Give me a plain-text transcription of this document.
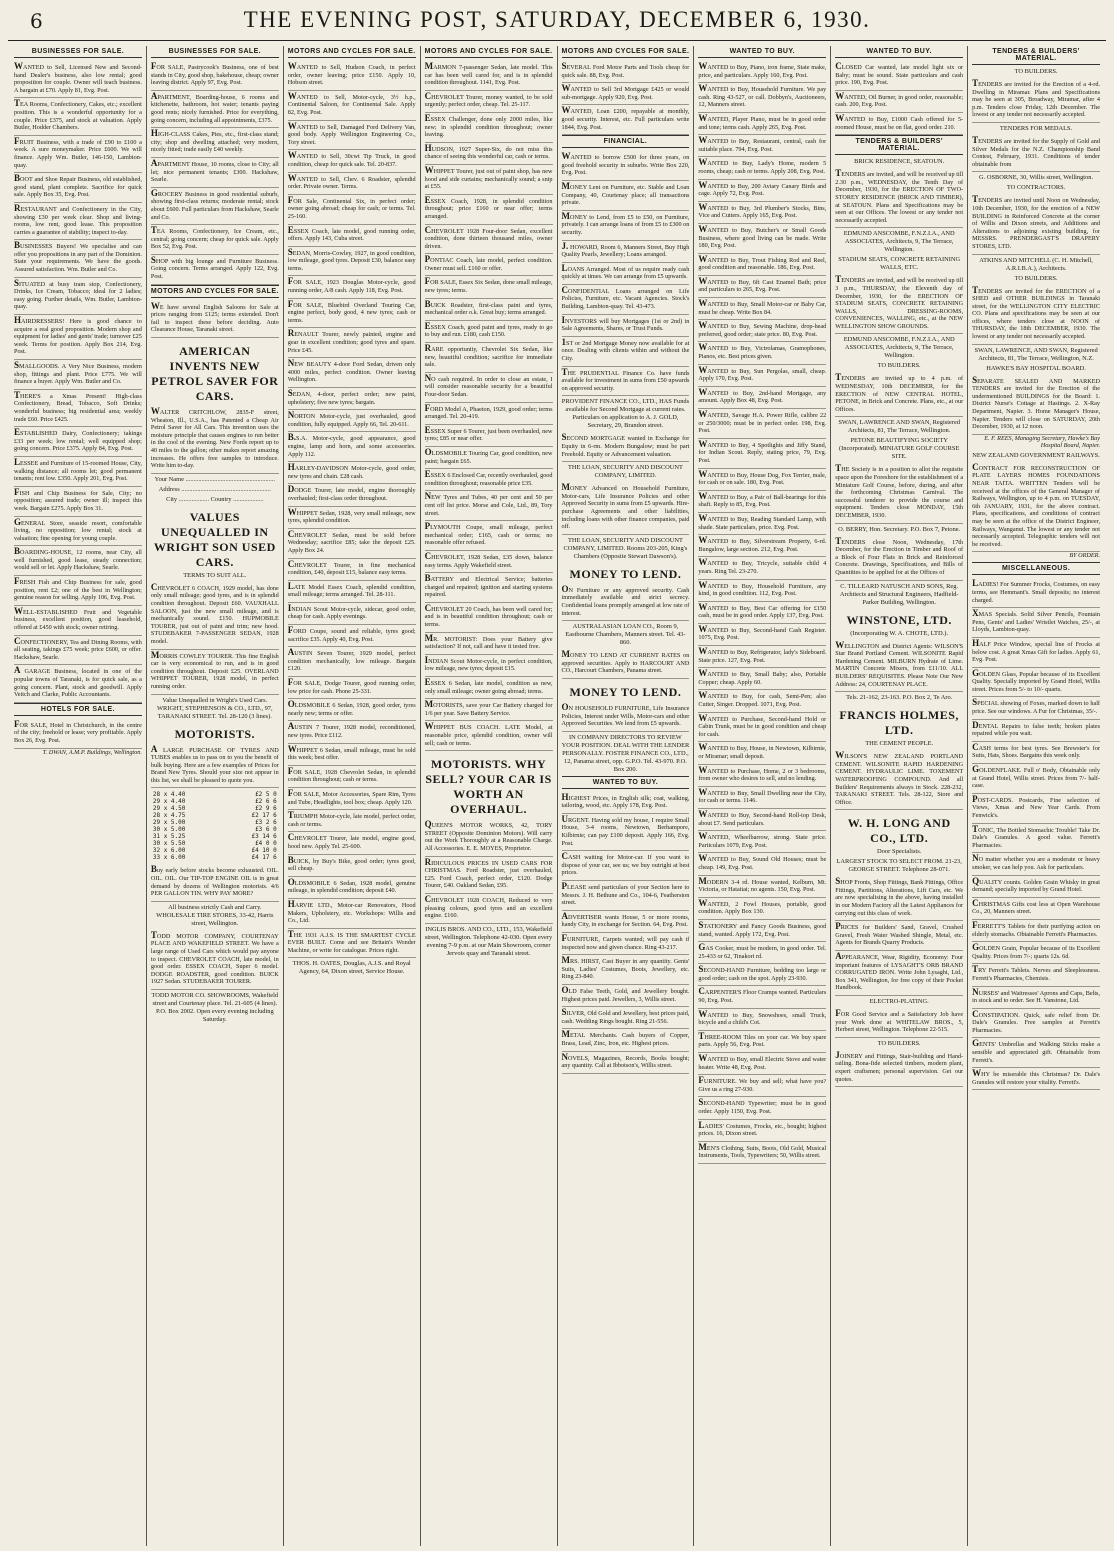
6	THE EVENING POST, SATURDAY, DECEMBER 6, 1930.
BUSINESSES FOR SALE.
WANTED to Sell, Licensed New and Second-hand Dealer's business, also low rental; good proposition for couple. Owner will teach business. A bargain at £70. Apply 81, Evg. Post.
TEA Rooms, Confectionery, Cakes, etc.; excellent position. This is a wonderful opportunity for a couple. Price £375, and stock at valuation. Apply Butler, Hodder Chambers.
FRUIT Business, with a trade of £90 to £100 a week. A sure moneymaker. Price £600. We will finance. Apply Wm. Butler, 146-150, Lambton-quay.
BOOT and Shoe Repair Business, old established, good stand, plant complete. Sacrifice for quick sale. Apply Box 35, Evg. Post.
RESTAURANT and Confectionery in the City, showing £30 per week clear. Shop and living-rooms, low rent, good lease. This proposition carries a guarantee of stability; inspect to-day.
BUSINESSES Buyers! We specialise and can offer you propositions in any part of the Dominion. State your requirements. We have the goods. Assured satisfaction. Wm. Butler and Co.
SITUATED at busy tram stop, Confectionery, Drinks, Ice Cream, Tobacco; ideal for 2 ladies; easy going. Further details, Wm. Butler, Lambton-quay.
HAIRDRESSERS! Here is good chance to acquire a real good proposition. Modern shop and equipment for ladies' and gents' trade; turnover £25 week. Terms for position. Apply Box 214, Evg. Post.
SMALLGOODS. A Very Nice Business, modern shop, fittings and plant. Price £775. We will finance a buyer. Apply Wm. Butler and Co.
THERE'S a Xmas Present! High-class Confectionery, Bread, Tobacco, Soft Drinks; wonderful business; big residential area; weekly trade £60. Price £425.
ESTABLISHED Dairy, Confectionery; takings £33 per week; low rental; well equipped shop; going concern. Price £375. Apply 84, Evg. Post.
LESSEE and Furniture of 15-roomed House, City, walking distance; all rooms let; good permanent tenants; rent low. £350. Apply 201, Evg. Post.
FISH and Chip Business for Sale, City; no opposition; assured trade; owner ill; inspect this week. Bargain £275. Apply Box 31.
GENERAL Store, seaside resort, comfortable living, no opposition; low rental; stock at valuation; fine opening for young couple.
BOARDING-HOUSE, 12 rooms, near City, all well furnished, good lease, steady connection; would sell or let. Apply Hackshaw, Searle.
FRESH Fish and Chip Business for sale, good position, rent £2; one of the best in Wellington; genuine reason for selling. Apply 106, Evg. Post.
WELL-ESTABLISHED Fruit and Vegetable business, excellent position, good leasehold, offered at £450 with stock; owner retiring.
CONFECTIONERY, Tea and Dining Rooms, with all seating, takings £75 week; price £600, or offer. Hackshaw, Searle.
A GARAGE Business, located in one of the popular towns of Taranaki, is for quick sale, as a going concern. Plant, stock and goodwill. Apply Veitch and Clarke, Public Accountants.
HOTELS FOR SALE.
FOR SALE, Hotel in Christchurch, in the centre of the city; freehold or lease; very profitable. Apply Box 26, Evg. Post.
T. DWAN, A.M.P. Buildings, Wellington.
BUSINESSES FOR SALE.
FOR SALE, Pastrycook's Business, one of best stands in City, good shop, bakehouse, cheap; owner leaving district. Apply 97, Evg. Post.
APARTMENT, Boarding-house, 6 rooms and kitchenette, bathroom, hot water; tenants paying good rents; nicely furnished. Price for everything, going concern, including all appointments, £375.
HIGH-CLASS Cakes, Pies, etc., first-class stand; city; shop and dwelling attached; very modern, nicely fitted; trade easily £40 weekly.
APARTMENT House, 10 rooms, close to City; all let; nice permanent tenants; £300. Hackshaw, Searle.
GROCERY Business in good residential suburb, showing first-class returns; moderate rental; stock about £600. Full particulars from Hackshaw, Searle and Co.
TEA Rooms, Confectionery, Ice Cream, etc., central; going concern; cheap for quick sale. Apply Box 52, Evg. Post.
SHOP with big lounge and Furniture Business. Going concern. Terms arranged. Apply 122, Evg. Post.
MOTORS AND CYCLES FOR SALE.
WE have several English Saloons for Sale at prices ranging from £125; terms extended. Don't fail to inspect these before deciding. Auto Clearance House, Taranaki street.
AMERICAN INVENTS NEW PETROL SAVER FOR CARS.
WALTER CRITCHLOW, 2835-F street, Wheaton, Ill., U.S.A., has Patented a Cheap Air Petrol Saver for All Cars. This invention uses the moisture principle that causes engines to run better in the cool of the evening. New Fords report up to 40 miles to the gallon; other makes report amazing increases. He offers free samples to introduce. Write him to-day.
Your Name ........................................................
Address ........................................................
City ................... Country ...................
VALUES UNEQUALLED IN WRIGHT SON USED CARS.
TERMS TO SUIT ALL.
CHEVROLET 6 COACH, 1929 model, has done only small mileage; good tyres, and is in splendid condition throughout. Deposit £60. VAUXHALL SALOON, just the new small mileage, and is mechanically sound. £150. HUPMOBILE TOURER, just out of paint and trim; new hood. STUDEBAKER 7-PASSENGER SEDAN, 1928 model.
MORRIS COWLEY TOURER. This fine English car is very economical to run, and is in good condition throughout. Deposit £25. OVERLAND WHIPPET TOURER, 1928 model, in perfect running order.
Value Unequalled in Wright's Used Cars. WRIGHT, STEPHENSON & CO., LTD., 97, TARANAKI STREET. Tel. 28-120 (3 lines).
MOTORISTS.
A LARGE PURCHASE OF TYRES AND TUBES enables us to pass on to you the benefit of bulk buying. Here are a few examples of Prices for Brand New Tyres. Should your size not appear in this list, we shall be pleased to quote you.
28 x 4.40	£2 5 0
29 x 4.40	£2 6 6
29 x 4.50	£2 9 6
28 x 4.75	£2 17 6
29 x 5.00	£3 2 6
30 x 5.00	£3 6 0
31 x 5.25	£3 14 6
30 x 5.50	£4 0 0
32 x 6.00	£4 10 0
33 x 6.00	£4 17 6
Buy early before stocks become exhausted. OIL. OIL. OIL. Our TIP-TOP ENGINE OIL is in great demand by dozens of Wellington motorists. 4/6 PER GALLON TIN. WHY PAY MORE?
All business strictly Cash and Carry. WHOLESALE TIRE STORES, 33-42, Harris street, Wellington.
TODD MOTOR COMPANY, COURTENAY PLACE AND WAKEFIELD STREET. We have a large range of Used Cars which would pay anyone to inspect. CHEVROLET COACH, late model, in good order. ESSEX COACH, Super 6 model. DODGE ROADSTER, good condition. BUICK 1927 Sedan. STUDEBAKER TOURER.
TODD MOTOR CO. SHOWROOMS, Wakefield street and Courtenay place. Tel. 21-605 (4 lines). P.O. Box 2002. Open every evening including Saturday.
MOTORS AND CYCLES FOR SALE.
WANTED to Sell, Hudson Coach, in perfect order, owner leaving; price £150. Apply 10, Hobson street.
WANTED to Sell, Motor-cycle, 3½ h.p., Continental Saloon, for Continental Sale. Apply 82, Evg. Post.
WANTED to Sell, Damaged Ford Delivery Van, good body. Apply Wellington Engineering Co., Tory street.
WANTED to Sell, 30cwt Tip Truck, in good condition, cheap for quick sale. Tel. 20-837.
WANTED to Sell, Chev. 6 Roadster, splendid order. Private owner. Terms.
FOR Sale, Continental Six, in perfect order; owner going abroad; cheap for cash; or terms. Tel. 25-160.
ESSEX Coach, late model, good running order, offers. Apply 143, Cuba street.
SEDAN, Morris-Cowley, 1927, in good condition, low mileage, good tyres. Deposit £30, balance easy terms.
FOR SALE, 1923 Douglas Motor-cycle, good running order, A/8 cash. Apply 118, Evg. Post.
FOR SALE, Bluebird Overland Touring Car, engine perfect, body good, 4 new tyres; cash or terms.
RENAULT Tourer, newly painted, engine and gear in excellent condition; good tyres and spare. Price £45.
NEW BEAUTY 4-door Ford Sedan, driven only 4000 miles, perfect condition. Owner leaving Wellington.
SEDAN, 4-door, perfect order; new paint, upholstery; five new tyres; bargain.
NORTON Motor-cycle, just overhauled, good condition, fully equipped. Apply 66, Tel. 20-611.
B.S.A. Motor-cycle, good appearance, good engine, lamp and horn, and some accessories. Apply 112.
HARLEY-DAVIDSON Motor-cycle, good order, new tyres and chain. £28 cash.
DODGE Tourer, late model, engine thoroughly overhauled; first-class order throughout.
WHIPPET Sedan, 1928, very small mileage, new tyres, splendid condition.
CHEVROLET Sedan, must be sold before Wednesday; sacrifice £85; take the deposit £25. Apply Box 24.
CHEVROLET Tourer, in fine mechanical condition, £40, deposit £15, balance easy terms.
LATE Model Essex Coach, splendid condition, small mileage; terms arranged. Tel. 28-111.
INDIAN Scout Motor-cycle, sidecar, good order, cheap for cash. Apply evenings.
FORD Coupe, sound and reliable, tyres good; sacrifice £35. Apply 40, Evg. Post.
AUSTIN Seven Tourer, 1929 model, perfect condition mechanically, low mileage. Bargain £120.
FOR SALE, Dodge Tourer, good running order, low price for cash. Phone 25-331.
OLDSMOBILE 6 Sedan, 1928, good order, tyres nearly new; terms or offer.
AUSTIN 7 Tourer, 1928 model, reconditioned, new tyres. Price £112.
WHIPPET 6 Sedan, small mileage, must be sold this week; best offer.
FOR SALE, 1928 Chevrolet Sedan, in splendid condition throughout; cash or terms.
FOR SALE, Motor Accessories, Spare Rim, Tyres and Tube, Headlights, tool box; cheap. Apply 120.
TRIUMPH Motor-cycle, late model, perfect order, cash or terms.
CHEVROLET Tourer, late model, engine good, hood new. Apply Tel. 25-600.
BUICK, by Buy's Bike, good order; tyres good, sell cheap.
OLDSMOBILE 6 Sedan, 1928 model, genuine mileage, in splendid condition; deposit £40.
HARVIE LTD., Motor-car Renovators, Hood Makers, Upholstery, etc. Workshops: Willis and Co., Ltd.
THE 1931 A.J.S. IS THE SMARTEST CYCLE EVER BUILT. Come and see Britain's Wonder Machine, or write for catalogue. Prices right.
THOS. H. OATES, Douglas, A.J.S. and Royal Agency, 64, Dixon street, Service House.
MOTORS AND CYCLES FOR SALE.
MARMON 7-passenger Sedan, late model. This car has been well cared for, and is in splendid condition throughout. 1141, Evg. Post.
CHEVROLET Tourer, money wanted, to be sold urgently; perfect order, cheap. Tel. 25-117.
ESSEX Challenger, done only 2000 miles, like new; in splendid condition throughout; owner leaving.
HUDSON, 1927 Super-Six, do not miss this chance of seeing this wonderful car, cash or terms.
WHIPPET Tourer, just out of paint shop, has new hood and side curtains; mechanically sound; a snip at £55.
ESSEX Coach, 1928, in splendid condition throughout; price £160 or near offer; terms arranged.
CHEVROLET 1928 Four-door Sedan, excellent condition, done thirteen thousand miles, owner driven.
PONTIAC Coach, late model, perfect condition. Owner must sell. £160 or offer.
FOR SALE, Essex Six Sedan, done small mileage, new tyres; terms.
BUICK Roadster, first-class paint and tyres, mechanical order o.k. Great buy; terms arranged.
ESSEX Coach, good paint and tyres, ready to go to buy and run. £180, cash £150.
RARE opportunity, Chevrolet Six Sedan, like new, beautiful condition; sacrifice for immediate sale.
NO cash required. In order to close an estate, I will consider reasonable security for a beautiful Four-door Sedan.
FORD Model A, Phaeton, 1929, good order; terms arranged. Tel. 20-419.
ESSEX Super 6 Tourer, just been overhauled, new tyres; £85 or near offer.
OLDSMOBILE Touring Car, good condition, new paint; bargain £65.
ESSEX 6 Enclosed Car, recently overhauled, good condition throughout; reasonable price £35.
NEW Tyres and Tubes, 40 per cent and 50 per cent off list price. Morse and Cole, Ltd., 89, Tory street.
PLYMOUTH Coupe, small mileage, perfect mechanical order; £165, cash or terms; no reasonable offer refused.
CHEVROLET, 1928 Sedan, £35 down, balance easy terms. Apply Wakefield street.
BATTERY and Electrical Service; batteries charged and repaired; ignition and starting systems repaired.
CHEVROLET 20 Coach, has been well cared for; and is in beautiful condition throughout; cash or terms.
MR. MOTORIST: Does your Battery give satisfaction? If not, call and have it tested free.
INDIAN Scout Motor-cycle, in perfect condition, low mileage, new tyres; deposit £15.
ESSEX 6 Sedan, late model, condition as new, only small mileage; owner going abroad; terms.
MOTORISTS, save your Car Battery charged for 1/6 per year. Save Battery Service.
WHIPPET BUS COACH. LATE Model, at reasonable price, splendid condition, owner will sell; cash or terms.
MOTORISTS. WHY SELL? YOUR CAR IS WORTH AN OVERHAUL.
QUEEN'S MOTOR WORKS, 42, TORY STREET (Opposite Dominion Motors). Will carry out the Work Thoroughly at a Reasonable Charge. All Accessories. E. E. MOYES, Proprietor.
RIDICULOUS PRICES IN USED CARS FOR CHRISTMAS. Ford Roadster, just overhauled, £25. Ford Coach, perfect order, £120. Dodge Tourer, £40. Oakland Sedan, £95.
CHEVROLET 1928 COACH, Reduced to very pleasing colours, good tyres and an excellent engine. £160.
INGLIS BROS. AND CO., LTD., 153, Wakefield street, Wellington. Telephone 42-030. Open every evening 7-9 p.m. at our Main Showroom, corner Jervois quay and Taranaki street.
MOTORS AND CYCLES FOR SALE.
SEVERAL Ford Motor Parts and Tools cheap for quick sale. 88, Evg. Post.
WANTED to Sell 3rd Mortgage £425 or would sub-mortgage. Apply 920, Evg. Post.
WANTED, Loan £200, repayable at monthly, good security. Interest, etc. Full particulars write 1844, Evg. Post.
FINANCIAL.
WANTED to borrow £500 for three years, on good freehold security in suburbs. Write Box 220, Evg. Post.
MONEY Lent on Furniture, etc. Stable and Loan Company, 40, Courtenay place; all transactions private.
MONEY to Lend, from £5 to £50, on Furniture, privately. I can arrange loans of from £5 to £300 on security.
J. HOWARD, Room 6, Manners Street, Buy High Quality Pearls, Jewellery; Loans arranged.
LOANS Arranged. Most of us require ready cash quickly at times. We can arrange from £5 upwards.
CONFIDENTIAL Loans arranged on Life Policies, Furniture, etc. Vacant Agencies. Stock's Building, Lambton-quay. Tel. 43-473.
INVESTORS will buy Mortgages (1st or 2nd) in Sale Agreements, Shares, or Trust Funds.
1ST or 2nd Mortgage Money now available for at once. Dealing with clients within and without the City.
THE PRUDENTIAL Finance Co. have funds available for investment in sums from £50 upwards on approved security.
PROVIDENT FINANCE CO., LTD., HAS Funds available for Second Mortgage at current rates. Particulars on application to A. J. GOLD, Secretary, 29, Brandon street.
SECOND MORTGAGE wanted in Exchange for Equity in 6-rm. Modern Bungalow; must be part Freehold. Equity or Advancement valuation.
THE LOAN, SECURITY AND DISCOUNT COMPANY, LIMITED.
MONEY Advanced on Household Furniture, Motor-cars, Life Insurance Policies and other Approved Security in sums from £5 upwards. Hire-purchase Agreements and other liabilities, including loans with other finance companies, paid off.
THE LOAN, SECURITY AND DISCOUNT COMPANY, LIMITED. Rooms 203-205, King's Chambers (Opposite Stewart Dawson's).
MONEY TO LEND.
ON Furniture or any approved security. Cash immediately available and strict secrecy. Confidential loans promptly arranged at low rate of interest.
AUSTRALASIAN LOAN CO., Room 9, Eastbourne Chambers, Manners street. Tel. 43-860.
MONEY TO LEND AT CURRENT RATES on approved securities. Apply to HARCOURT AND CO., Harcourt Chambers, Panama street.
MONEY TO LEND.
ON HOUSEHOLD FURNITURE, Life Insurance Policies, Interest under Wills, Motor-cars and other Approved Securities. We lend from £5 upwards.
IN COMPANY DIRECTORS TO REVIEW YOUR POSITION. DEAL WITH THE LENDER PERSONALLY. FOSTER FINANCE CO., LTD., 12, Panama street, opp. G.P.O. Tel. 43-970. P.O. Box 200.
WANTED TO BUY.
HIGHEST Prices, in English silk; coat, walking, tailoring, wood, etc. Apply 178, Evg. Post.
URGENT. Having sold my house, I require Small House, 3-4 rooms, Newtown, Berhampore, Kilbirnie; can pay £100 deposit. Apply 166, Evg. Post.
CASH waiting for Motor-car. If you want to dispose of your car, see us; we buy outright at best prices.
PLEASE send particulars of your Section here to Messrs. J. H. Bethune and Co., 104-6, Featherston street.
ADVERTISER wants House, 5 or more rooms, handy City, in exchange for Section. 64, Evg. Post.
FURNITURE, Carpets wanted; will pay cash if inspected now and given chance. Ring 43-217.
MRS. HIRST, Cast Buyer in any quantity. Gents' Suits, Ladies' Costumes, Boots, Jewellery, etc. Ring 23-840.
OLD False Teeth, Gold, and Jewellery bought. Highest prices paid. Jewellers, 3, Willis street.
SILVER, Old Gold and Jewellery, best prices paid, cash. Wedding Rings bought. Ring 21-556.
METAL Merchants. Cash buyers of Copper, Brass, Lead, Zinc, Iron, etc. Highest prices.
NOVELS, Magazines, Records, Books bought; any quantity. Call at Ibbotson's, Willis street.
WANTED TO BUY.
WANTED to Buy, Piano, iron frame, State make, price, and particulars. Apply 160, Evg. Post.
WANTED to Buy, Household Furniture. We pay cash. Ring 43-527, or call. Dobbyn's, Auctioneers, 12, Manners street.
WANTED, Player Piano, must be in good order and tone; terms cash. Apply 265, Evg. Post.
WANTED to Buy, Restaurant, central, cash for suitable place. 794, Evg. Post.
WANTED to Buy, Lady's Home, modern 5 rooms, cheap; cash or terms. Apply 208, Evg. Post.
WANTED to Buy, 200 Aviary Canary Birds and cage. Apply 72, Evg. Post.
WANTED to Buy, 3rd Plumber's Stocks, Bins, Vice and Cutters. Apply 165, Evg. Post.
WANTED to Buy, Butcher's or Small Goods Business, where good living can be made. Write 180, Evg. Post.
WANTED to Buy, Trout Fishing Rod and Reel, good condition and reasonable. 186, Evg. Post.
WANTED to Buy, 6ft Cast Enamel Bath; price and particulars to 265, Evg. Post.
WANTED to Buy, Small Motor-car or Baby Car, must be cheap. Write Box 84.
WANTED to Buy, Sewing Machine, drop-head preferred, good order; state price. 80, Evg. Post.
WANTED to Buy, Victrolamas, Gramophones, Pianos, etc. Best prices given.
WANTED to Buy, Sun Pergolas, small, cheap. Apply 170, Evg. Post.
WANTED to Buy, 2nd-hand Mortgage, any amount. Apply Box 48, Evg. Post.
WANTED, Savage H.A. Power Rifle, calibre 22 or 250/3000; must be in perfect order. 198, Evg. Post.
WANTED to Buy, 4 Spotlights and Jiffy Stand, for Indian Scout. Reply, stating price, 79, Evg. Post.
WANTED to Buy, House Dog, Fox Terrier, male, for cash or on sale. 180, Evg. Post.
WANTED to Buy, a Pair of Ball-bearings for this shaft. Reply to 85, Evg. Post.
WANTED to Buy, Reading Standard Lamp, with shade. State particulars, price. Evg. Post.
WANTED to Buy, Silverstream Property, 6-rd. Bungalow, large section. 212, Evg. Post.
WANTED to Buy, Tricycle, suitable child 4 years. Ring Tel. 23-270.
WANTED to Buy, Household Furniture, any kind, in good condition. 112, Evg. Post.
WANTED to Buy, Best Car offering for £150 cash, must be in good order. Apply 137, Evg. Post.
WANTED to Buy, Second-hand Cash Register. 1075, Evg. Post.
WANTED to Buy, Refrigerator, lady's Sideboard. State price. 127, Evg. Post.
WANTED to Buy, Small Baby; also, Portable Copper; cheap. Apply 60.
WANTED to Buy, for cash, Semi-Pen; also Cutter, Singer. Dropped. 1071, Evg. Post.
WANTED to Purchase, Second-hand Hold or Cabin Trunk, must be in good condition and cheap for cash.
WANTED to Buy, House, in Newtown, Kilbirnie, or Miramar; small deposit.
WANTED to Purchase, Home, 2 or 3 bedrooms, from owner who desires to sell, and no lending.
WANTED to Buy, Small Dwelling near the City, for cash or terms. 1146.
WANTED to Buy, Second-hand Roll-top Desk, about £7. Send particulars.
WANTED, Wheelbarrow, strong. State price. Particulars 1079, Evg. Post.
WANTED to Buy, Sound Old Houses; must be cheap. 149, Evg. Post.
MODERN 3-4 rd. House wanted, Kelburn, Mt. Victoria, or Hataitai; no agents. 150, Evg. Post.
WANTED, 2 Fowl Houses, portable, good condition. Apply Box 130.
STATIONERY and Fancy Goods Business, good stand, wanted. Apply 172, Evg. Post.
GAS Cooker, must be modern, in good order. Tel. 25-433 or 62, Tinakori rd.
SECOND-HAND Furniture, bedding too large or good order; cash on the spot. Apply 23-930.
CARPENTER'S Floor Cramps wanted. Particulars 90, Evg. Post.
WANTED to Buy, Snowshoes, small Truck, bicycle and a child's Cot.
THREE-ROOM Tiles on your car. We buy spare parts. Apply 56, Evg. Post.
WANTED to Buy, small Electric Stove and water heater. Write 48, Evg. Post.
FURNITURE. We buy and sell; what have you? Give us a ring 27-930.
SECOND-HAND Typewriter; must be in good order. Apply 1150, Evg. Post.
LADIES' Costumes, Frocks, etc., bought; highest prices. 16, Dixon street.
MEN'S Clothing, Suits, Boots, Old Gold, Musical Instruments, Tools, Typewriters; 50, Willis street.
WANTED TO BUY.
CLOSED Car wanted, late model light six or Baby; must be sound. State particulars and cash price. 190, Evg. Post.
WANTED, Oil Burner, in good order, reasonable; cash. 200, Evg. Post.
WANTED to Buy, £1000 Cash offered for 5-roomed House, must be on flat, good order. 210.
TENDERS & BUILDERS' MATERIAL.
BRICK RESIDENCE, SEATOUN.
TENDERS are invited, and will be received up till 2.30 p.m., WEDNESDAY, the Tenth Day of December, 1930, for the ERECTION OF TWO-STOREY RESIDENCE (BRICK AND TIMBER), at SEATOUN. Plans and Specifications may be seen at our Offices. The lowest or any tender not necessarily accepted.
EDMUND ANSCOMBE, F.N.Z.I.A., AND ASSOCIATES, Architects, 9, The Terrace, Wellington.
STADIUM SEATS, CONCRETE RETAINING WALLS, ETC.
TENDERS are invited, and will be received up till 3 p.m., THURSDAY, the Eleventh day of December, 1930, for the ERECTION OF STADIUM SEATS, CONCRETE RETAINING WALLS, DRESSING-ROOMS, CONVENIENCES, WALLING, etc., at the NEW WELLINGTON SHOW GROUNDS.
EDMUND ANSCOMBE, F.N.Z.I.A., AND ASSOCIATES, Architects, 9, The Terrace, Wellington.
TO BUILDERS.
TENDERS are invited up to 4 p.m. of WEDNESDAY, 10th DECEMBER, for the ERECTION of NEW CENTRAL HOTEL, PETONE, in Brick and Concrete. Plans, etc., at our Offices.
SWAN, LAWRENCE AND SWAN, Registered Architects, 81, The Terrace, Wellington.
PETONE BEAUTIFYING SOCIETY (Incorporated). MINIATURE GOLF COURSE SITE.
THE Society is in a position to allot the requisite space upon the Foreshore for the establishment of a Miniature Golf Course, before, during, and after the forthcoming Christmas Carnival. The successful tenderer to provide the course and equipment. Tenders close MONDAY, 15th DECEMBER, 1930.
O. BERRY, Hon. Secretary. P.O. Box 7, Petone.
TENDERS close Noon, Wednesday, 17th December, for the Erection in Timber and Roof of a Block of Four Flats in Brick and Reinforced Concrete. Drawings, Specifications, and Bills of Quantities to be applied for at the Offices of
C. TILLEARD NATUSCH AND SONS, Reg. Architects and Structural Engineers, Hadfield-Parker Building, Wellington.
WINSTONE, LTD.
(Incorporating W. A. CHOTE, LTD.).
WELLINGTON and District Agents: WILSON'S Star Brand Portland Cement. WILSONITE Rapid Hardening Cement. MILBURN Hydrate of Lime. MARTIN Concrete Mixers, from £11/10. ALL BUILDERS' REQUISITES. Please Note Our New Address: 24, COURTENAY PLACE.
Tels. 21-162, 23-163. P.O. Box 2, Te Aro.
FRANCIS HOLMES, LTD.
THE CEMENT PEOPLE.
WILSON'S NEW ZEALAND PORTLAND CEMENT. WILSONITE RAPID HARDENING CEMENT. HYDRAULIC LIME. TOXEMENT WATERPROOFING COMPOUND. And all Builders' Requirements always in Stock. 228-232, TARANAKI STREET. Tels. 28-122, Store and Office.
W. H. LONG AND CO., LTD.
Door Specialists.
LARGEST STOCK TO SELECT FROM. 21-23, GEORGE STREET. Telephone 28-071.
SHOP Fronts, Shop Fittings, Bank Fittings, Office Fittings, Partitions, Alterations, Lift Cars, etc. We are now specialising in the above, having installed in our Modern Factory all the Latest Appliances for carrying out this class of work.
PRICES for Builders' Sand, Gravel, Crushed Gravel, Fresh Water Washed Shingle, Metal, etc. Agents for Brands Quarry Products.
APPEARANCE, Wear, Rigidity, Economy: Four important features of LYSAGHT'S ORB BRAND CORRUGATED IRON. Write John Lysaght, Ltd., Box 341, Wellington, for free copy of their Pocket Handbook.
ELECTRO-PLATING.
FOR Good Service and a Satisfactory Job have your Work done at WHITELAW BROS., 5, Herbert street, Wellington. Telephone 22-515.
TO BUILDERS.
JOINERY and Fittings, Stair-building and Hand-railing. Bona-fide selected timbers, modern plant, expert craftsmen; personal supervision. Get our quotes.
TENDERS & BUILDERS' MATERIAL.
TO BUILDERS.
TENDERS are invited for the Erection of a 4-rd. Dwelling in Miramar. Plans and Specifications may be seen at 305, Broadway, Miramar, after 4 p.m. Tenders close Friday, 12th December. The lowest or any tender not necessarily accepted.
TENDERS FOR MEDALS.
TENDERS are invited for the Supply of Gold and Silver Medals for the N.Z. Championship Band Contest, February, 1931. Conditions of tender obtainable from
G. OSBORNE, 30, Willis street, Wellington.
TO CONTRACTORS.
TENDERS are invited until Noon on Wednesday, 10th December, 1930, for the erection of a NEW BUILDING in Reinforced Concrete at the corner of Willis and Dixon streets, and Additions and Alterations to adjoining existing building, for MESSRS. PRENDERGAST'S DRAPERY STORES, LTD.
ATKINS AND MITCHELL (C. H. Mitchell, A.R.I.B.A.), Architects.
TO BUILDERS.
TENDERS are invited for the ERECTION of a SHED and OTHER BUILDINGS in Taranaki street, for the WELLINGTON CITY ELECTRIC CO. Plans and specifications may be seen at our offices, where tenders close at NOON of THURSDAY, the 18th DECEMBER, 1930. The lowest or any tender not necessarily accepted.
SWAN, LAWRENCE, AND SWAN, Registered Architects, 81, The Terrace, Wellington, N.Z.
HAWKE'S BAY HOSPITAL BOARD.
SEPARATE SEALED AND MARKED TENDERS are invited for the Erection of the undermentioned BUILDINGS for the Board: 1. District Nurse's Cottage at Hastings. 2. X-Ray Department, Napier. 3. Home Manager's House, Napier. Tenders will close on SATURDAY, 20th December, 1930, at 12 noon.
E. F. REES, Managing Secretary, Hawke's Bay Hospital Board, Napier.
NEW ZEALAND GOVERNMENT RAILWAYS.
CONTRACT FOR RECONSTRUCTION OF PLATE LAYERS HOMES FOUNDATIONS NEAR TAITA. WRITTEN Tenders will be received at the offices of the General Manager of Railways, Wellington, up to 4 p.m. on TUESDAY, 6th JANUARY, 1931, for the above contract. Plans, specifications, and conditions of contract may be seen at the office of the District Engineer, Railways, Wanganui. The lowest or any tender not necessarily accepted. Telegraphic tenders will not be received.
BY ORDER.
MISCELLANEOUS.
LADIES! For Summer Frocks, Costumes, on easy terms, see Hemmant's. Small deposits; no interest charged.
XMAS Specials. Solid Silver Pencils, Fountain Pens, Gents' and Ladies' Wristlet Watches, 25/-, at Lloyds, Lambton-quay.
HALF Price Window, special line of Frocks at below cost. A great Xmas Gift for ladies. Apply 61, Evg. Post.
GOLDEN Glass, Popular because of its Excellent Quality. Specially imported by Grand Hotel, Willis street. Prices from 5/- to 10/- quarts.
SPECIAL showing of Foxes, marked down to half price. See our windows. A Fur for Christmas, 35/-.
DENTAL Repairs to false teeth; broken plates repaired while you wait.
CASH terms for best tyres. See Brewster's for Suits, Hats, Shoes. Bargains this week only.
GOLDENFLAKE. Full o' Body, Obtainable only at Grand Hotel, Willis street. Prices from 7/- half-case.
POST-CARDS. Postcards, Fine selection of Views, Xmas and New Year Cards. From Fenwick's.
TONIC, The Bottled Stomachic Trouble! Take Dr. Dale's Granules. A good value. Ferrett's Pharmacies.
NO matter whether you are a moderate or heavy smoker, we can help you. Ask for particulars.
QUALITY counts. Golden Grain Whisky in great demand; specially imported by Grand Hotel.
CHRISTMAS Gifts cost less at Open Warehouse Co., 20, Manners street.
FERRETT'S Tablets for their purifying action on elderly stomachs. Obtainable Ferrett's Pharmacies.
GOLDEN Grain, Popular because of its Excellent Quality. Prices from 7/-; quarts 12s. 6d.
TRY Ferrett's Tablets. Nerves and Sleeplessness. Ferrett's Pharmacies, Chemists.
NURSES' and Waitresses' Aprons and Caps, Belts, in stock and to order. See H. Vanstone, Ltd.
CONSTIPATION. Quick, safe relief from Dr. Dale's Granules. Free samples at Ferrett's Pharmacies.
GENTS' Umbrellas and Walking Sticks make a sensible and appreciated gift. Obtainable from Ferrett's.
WHY be miserable this Christmas? Dr. Dale's Granules will restore your vitality. Ferrett's.
